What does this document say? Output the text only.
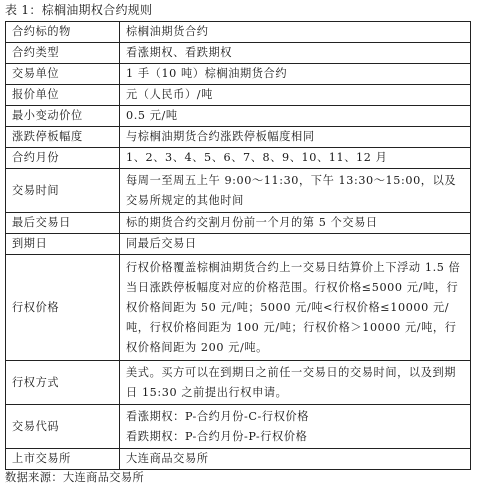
表 1：棕榈油期权合约规则
合约标的物	棕榈油期货合约
合约类型	看涨期权、看跌期权
交易单位	1 手（10 吨）棕榈油期货合约
报价单位	元（人民币）/吨
最小变动价位	0.5 元/吨
涨跌停板幅度	与棕榈油期货合约涨跌停板幅度相同
合约月份	1、2、3、4、5、6、7、8、9、10、11、12 月
交易时间	每周一至周五上午 9:00～11:30，下午 13:30～15:00，以及交易所规定的其他时间
最后交易日	标的期货合约交割月份前一个月的第 5 个交易日
到期日	同最后交易日
行权价格	行权价格覆盖棕榈油期货合约上一交易日结算价上下浮动 1.5 倍当日涨跌停板幅度对应的价格范围。行权价格≤5000 元/吨，行权价格间距为 50 元/吨；5000 元/吨<行权价格≤10000 元/吨，行权价格间距为 100 元/吨；行权价格＞10000 元/吨，行权价格间距为 200 元/吨。
行权方式	美式。买方可以在到期日之前任一交易日的交易时间，以及到期日 15:30 之前提出行权申请。
交易代码	看涨期权：P-合约月份-C-行权价格
看跌期权：P-合约月份-P-行权价格

上市交易所	大连商品交易所
数据来源：大连商品交易所
